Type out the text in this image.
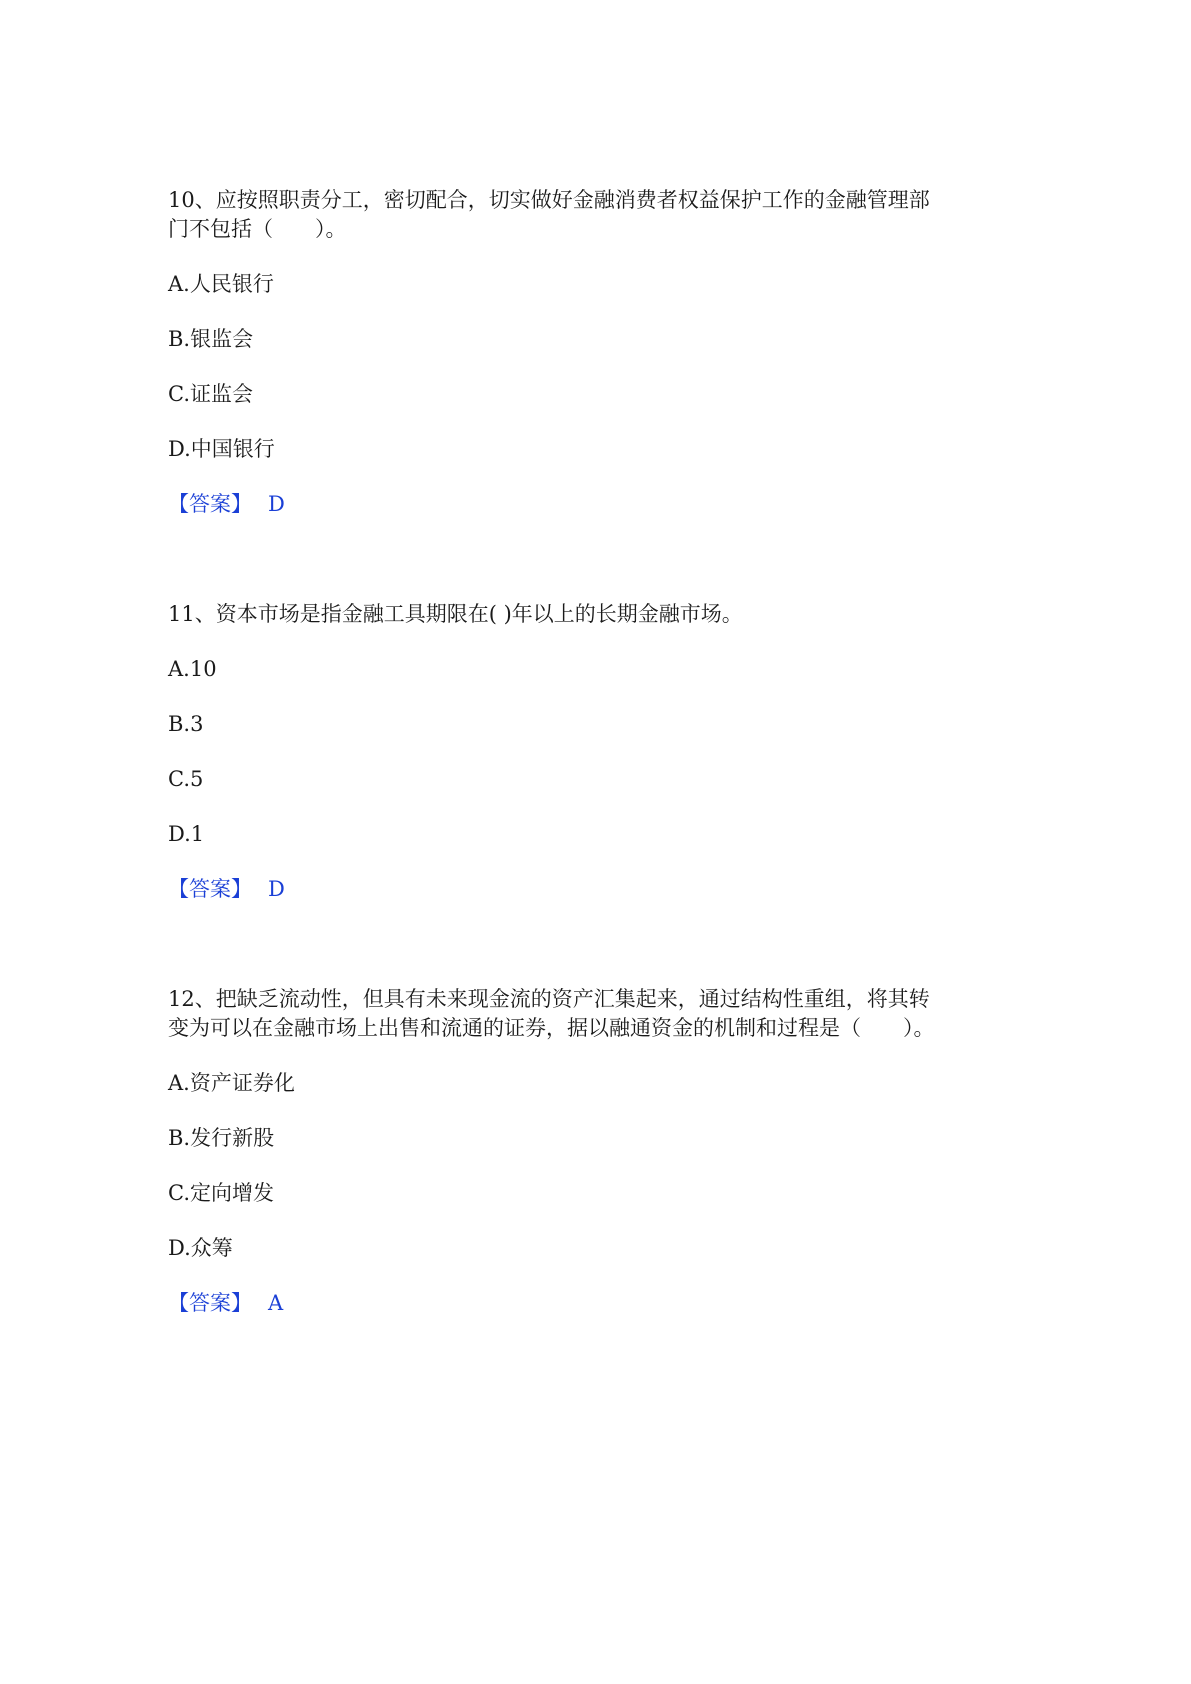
10、应按照职责分工，密切配合，切实做好金融消费者权益保护工作的金融管理部门不包括（　　）。

A.人民银行
B.银监会
C.证监会
D.中国银行
【答案】 D

11、资本市场是指金融工具期限在( )年以上的长期金融市场。

A.10
B.3
C.5
D.1
【答案】 D

12、把缺乏流动性，但具有未来现金流的资产汇集起来，通过结构性重组，将其转变为可以在金融市场上出售和流通的证券，据以融通资金的机制和过程是（　　）。

A.资产证券化
B.发行新股
C.定向增发
D.众筹
【答案】 A
